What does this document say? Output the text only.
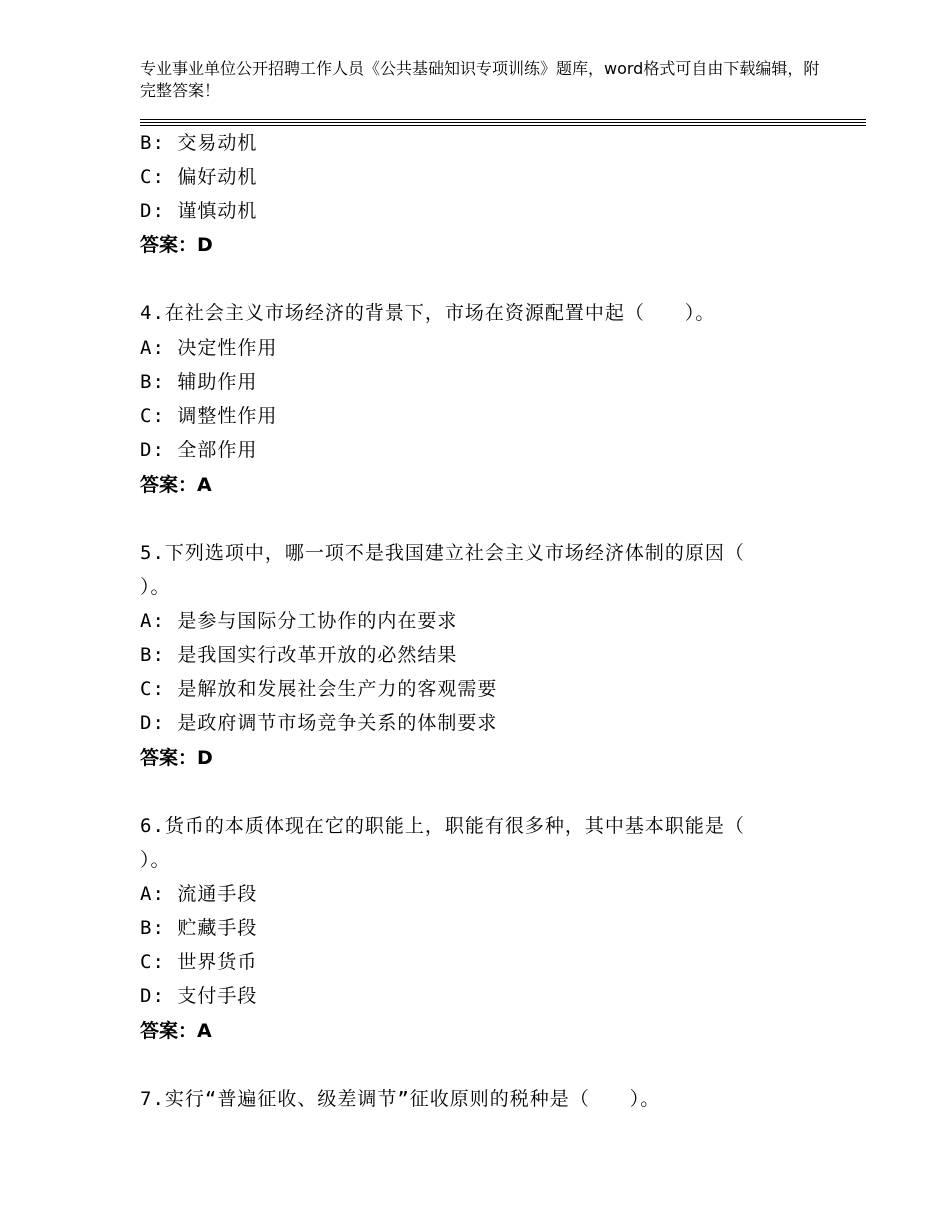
专业事业单位公开招聘工作人员《公共基础知识专项训练》题库，word格式可自由下载编辑，附完整答案！
B: 交易动机
C: 偏好动机
D: 谨慎动机
答案：D
4.在社会主义市场经济的背景下，市场在资源配置中起（　　）。
A: 决定性作用
B: 辅助作用
C: 调整性作用
D: 全部作用
答案：A
5.下列选项中，哪一项不是我国建立社会主义市场经济体制的原因（
）。
A: 是参与国际分工协作的内在要求
B: 是我国实行改革开放的必然结果
C: 是解放和发展社会生产力的客观需要
D: 是政府调节市场竞争关系的体制要求
答案：D
6.货币的本质体现在它的职能上，职能有很多种，其中基本职能是（
）。
A: 流通手段
B: 贮藏手段
C: 世界货币
D: 支付手段
答案：A
7.实行“普遍征收、级差调节”征收原则的税种是（　　）。
